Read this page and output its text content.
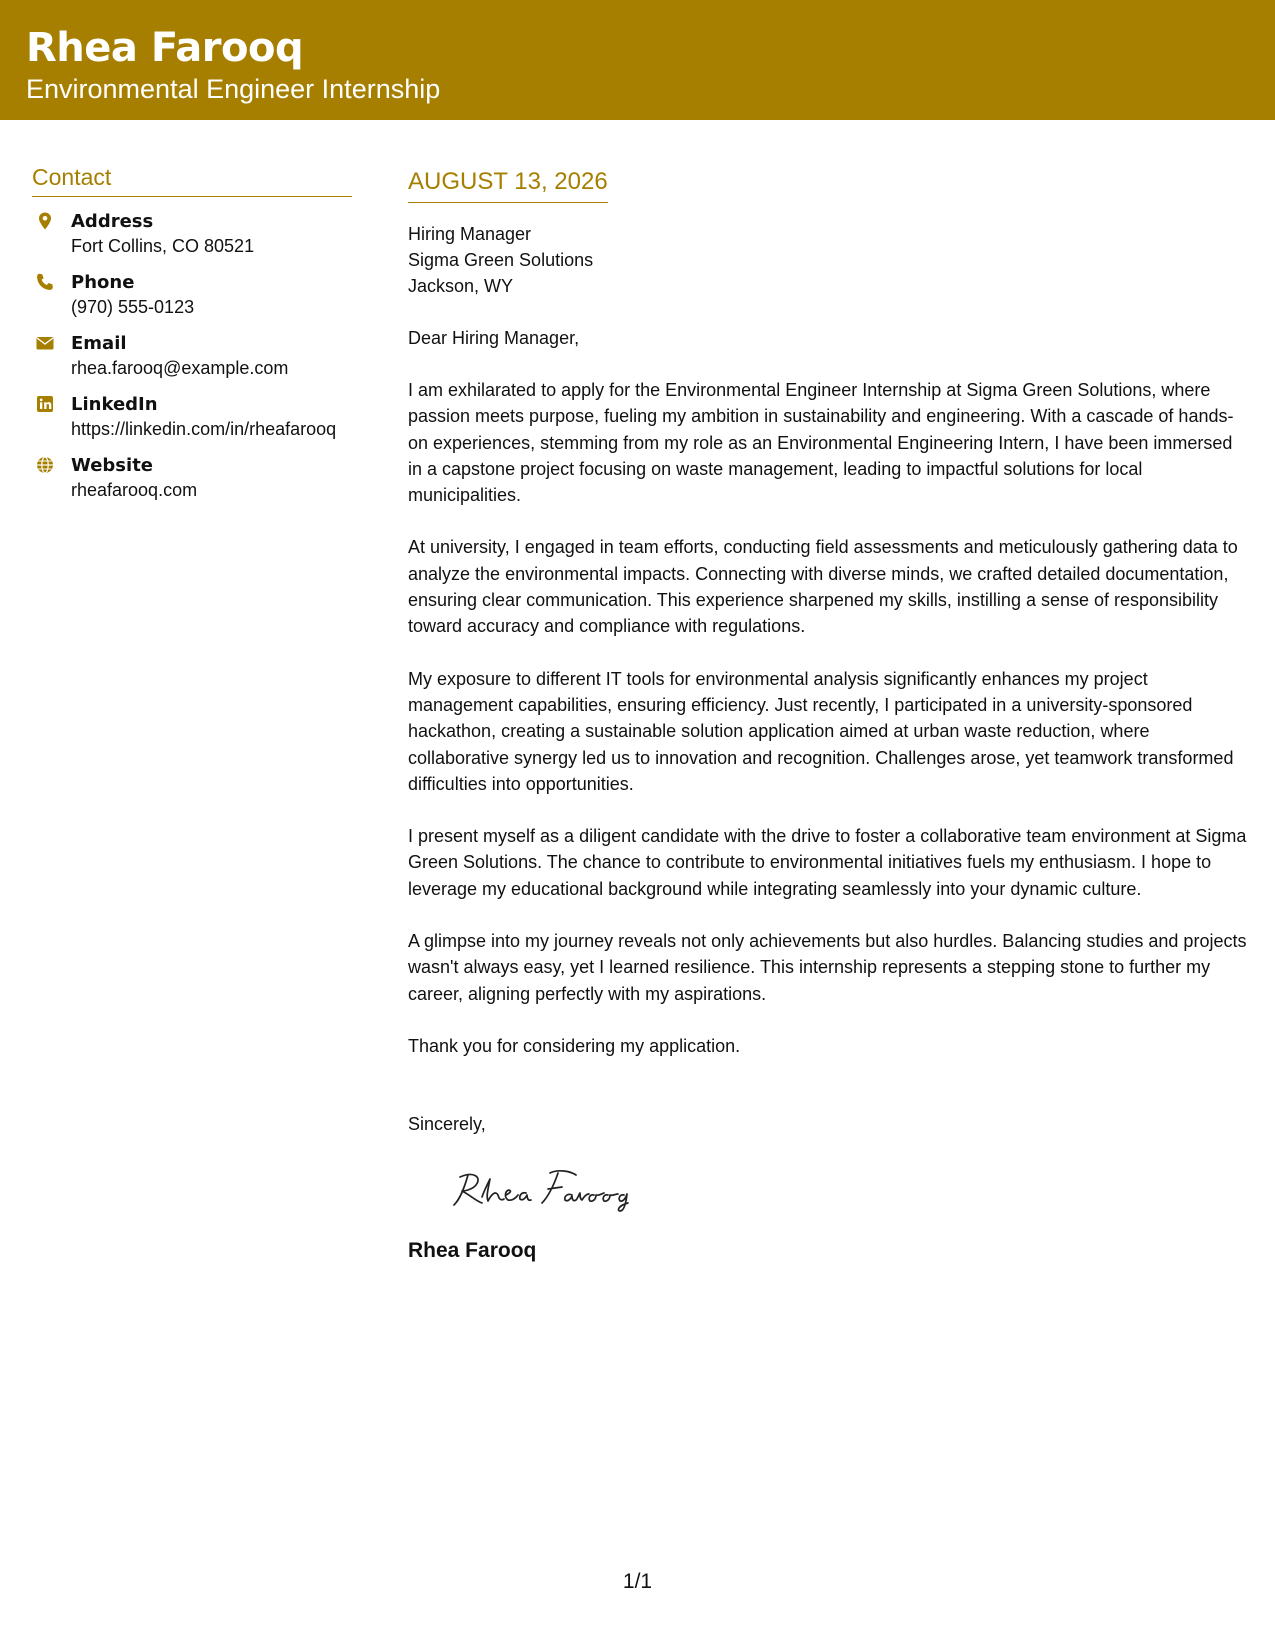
Rhea Farooq
Environmental Engineer Internship
Contact
Address
Fort Collins, CO 80521
Phone
(970) 555-0123
Email
rhea.farooq@example.com
LinkedIn
https://linkedin.com/in/rheafarooq
Website
rheafarooq.com
AUGUST 13, 2026
Hiring Manager
Sigma Green Solutions
Jackson, WY
Dear Hiring Manager,
I am exhilarated to apply for the Environmental Engineer Internship at Sigma Green Solutions, where passion meets purpose, fueling my ambition in sustainability and engineering. With a cascade of hands-on experiences, stemming from my role as an Environmental Engineering Intern, I have been immersed in a capstone project focusing on waste management, leading to impactful solutions for local municipalities.
At university, I engaged in team efforts, conducting field assessments and meticulously gathering data to analyze the environmental impacts. Connecting with diverse minds, we crafted detailed documentation, ensuring clear communication. This experience sharpened my skills, instilling a sense of responsibility toward accuracy and compliance with regulations.
My exposure to different IT tools for environmental analysis significantly enhances my project management capabilities, ensuring efficiency. Just recently, I participated in a university-sponsored hackathon, creating a sustainable solution application aimed at urban waste reduction, where collaborative synergy led us to innovation and recognition. Challenges arose, yet teamwork transformed difficulties into opportunities.
I present myself as a diligent candidate with the drive to foster a collaborative team environment at Sigma Green Solutions. The chance to contribute to environmental initiatives fuels my enthusiasm. I hope to leverage my educational background while integrating seamlessly into your dynamic culture.
A glimpse into my journey reveals not only achievements but also hurdles. Balancing studies and projects wasn't always easy, yet I learned resilience. This internship represents a stepping stone to further my career, aligning perfectly with my aspirations.
Thank you for considering my application.
Sincerely,
Rhea Farooq
1/1
